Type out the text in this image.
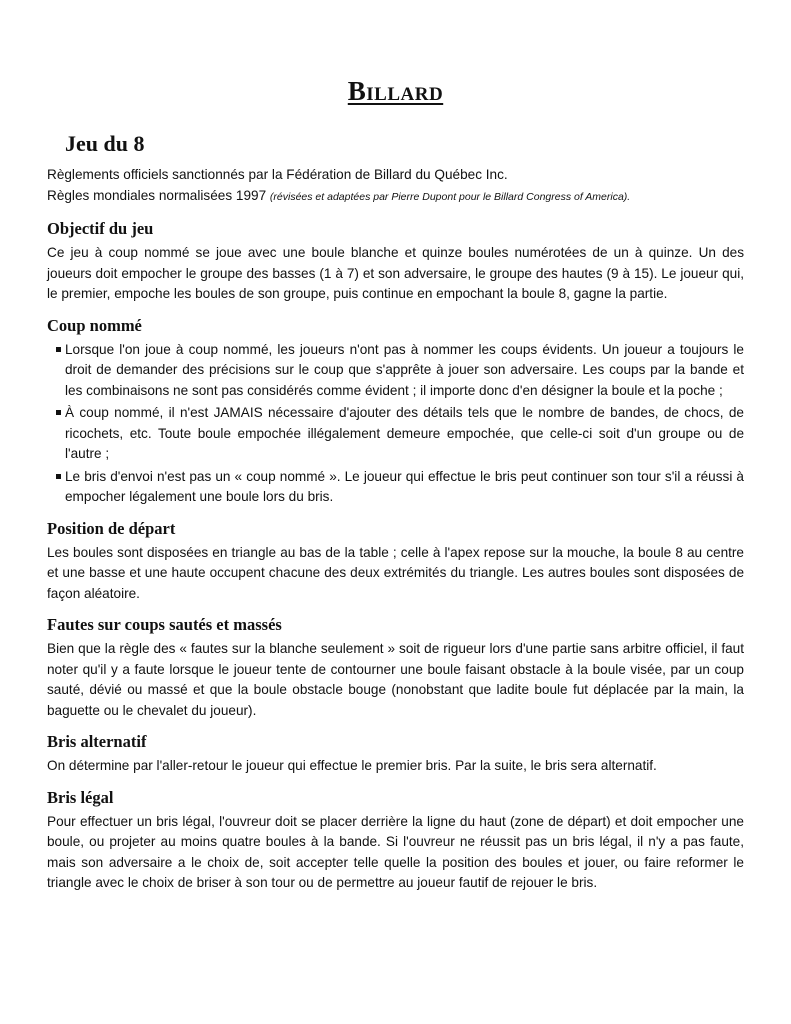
Billard
Jeu du 8

Règlements officiels sanctionnés par la Fédération de Billard du Québec Inc.

Règles mondiales normalisées 1997 (révisées et adaptées par Pierre Dupont pour le Billard Congress of America).

Objectif du jeu

Ce jeu à coup nommé se joue avec une boule blanche et quinze boules numérotées de un à quinze. Un des joueurs doit empocher le groupe des basses (1 à 7) et son adversaire, le groupe des hautes (9 à 15). Le joueur qui, le premier, empoche les boules de son groupe, puis continue en empochant la boule 8, gagne la partie.

Coup nommé
Lorsque l'on joue à coup nommé, les joueurs n'ont pas à nommer les coups évidents. Un joueur a toujours le droit de demander des précisions sur le coup que s'apprête à jouer son adversaire. Les coups par la bande et les combinaisons ne sont pas considérés comme évident ; il importe donc d'en désigner la boule et la poche ;
À coup nommé, il n'est JAMAIS nécessaire d'ajouter des détails tels que le nombre de bandes, de chocs, de ricochets, etc. Toute boule empochée illégalement demeure empochée, que celle-ci soit d'un groupe ou de l'autre ;
Le bris d'envoi n'est pas un « coup nommé ». Le joueur qui effectue le bris peut continuer son tour s'il a réussi à empocher légalement une boule lors du bris.
Position de départ

Les boules sont disposées en triangle au bas de la table ; celle à l'apex repose sur la mouche, la boule 8 au centre et une basse et une haute occupent chacune des deux extrémités du triangle. Les autres boules sont disposées de façon aléatoire.

Fautes sur coups sautés et massés

Bien que la règle des « fautes sur la blanche seulement » soit de rigueur lors d'une partie sans arbitre officiel, il faut noter qu'il y a faute lorsque le joueur tente de contourner une boule faisant obstacle à la boule visée, par un coup sauté, dévié ou massé et que la boule obstacle bouge (nonobstant que ladite boule fut déplacée par la main, la baguette ou le chevalet du joueur).

Bris alternatif

On détermine par l'aller-retour le joueur qui effectue le premier bris. Par la suite, le bris sera alternatif.

Bris légal

Pour effectuer un bris légal, l'ouvreur doit se placer derrière la ligne du haut (zone de départ) et doit empocher une boule, ou projeter au moins quatre boules à la bande. Si l'ouvreur ne réussit pas un bris légal, il n'y a pas faute, mais son adversaire a le choix de, soit accepter telle quelle la position des boules et jouer, ou faire reformer le triangle avec le choix de briser à son tour ou de permettre au joueur fautif de rejouer le bris.
